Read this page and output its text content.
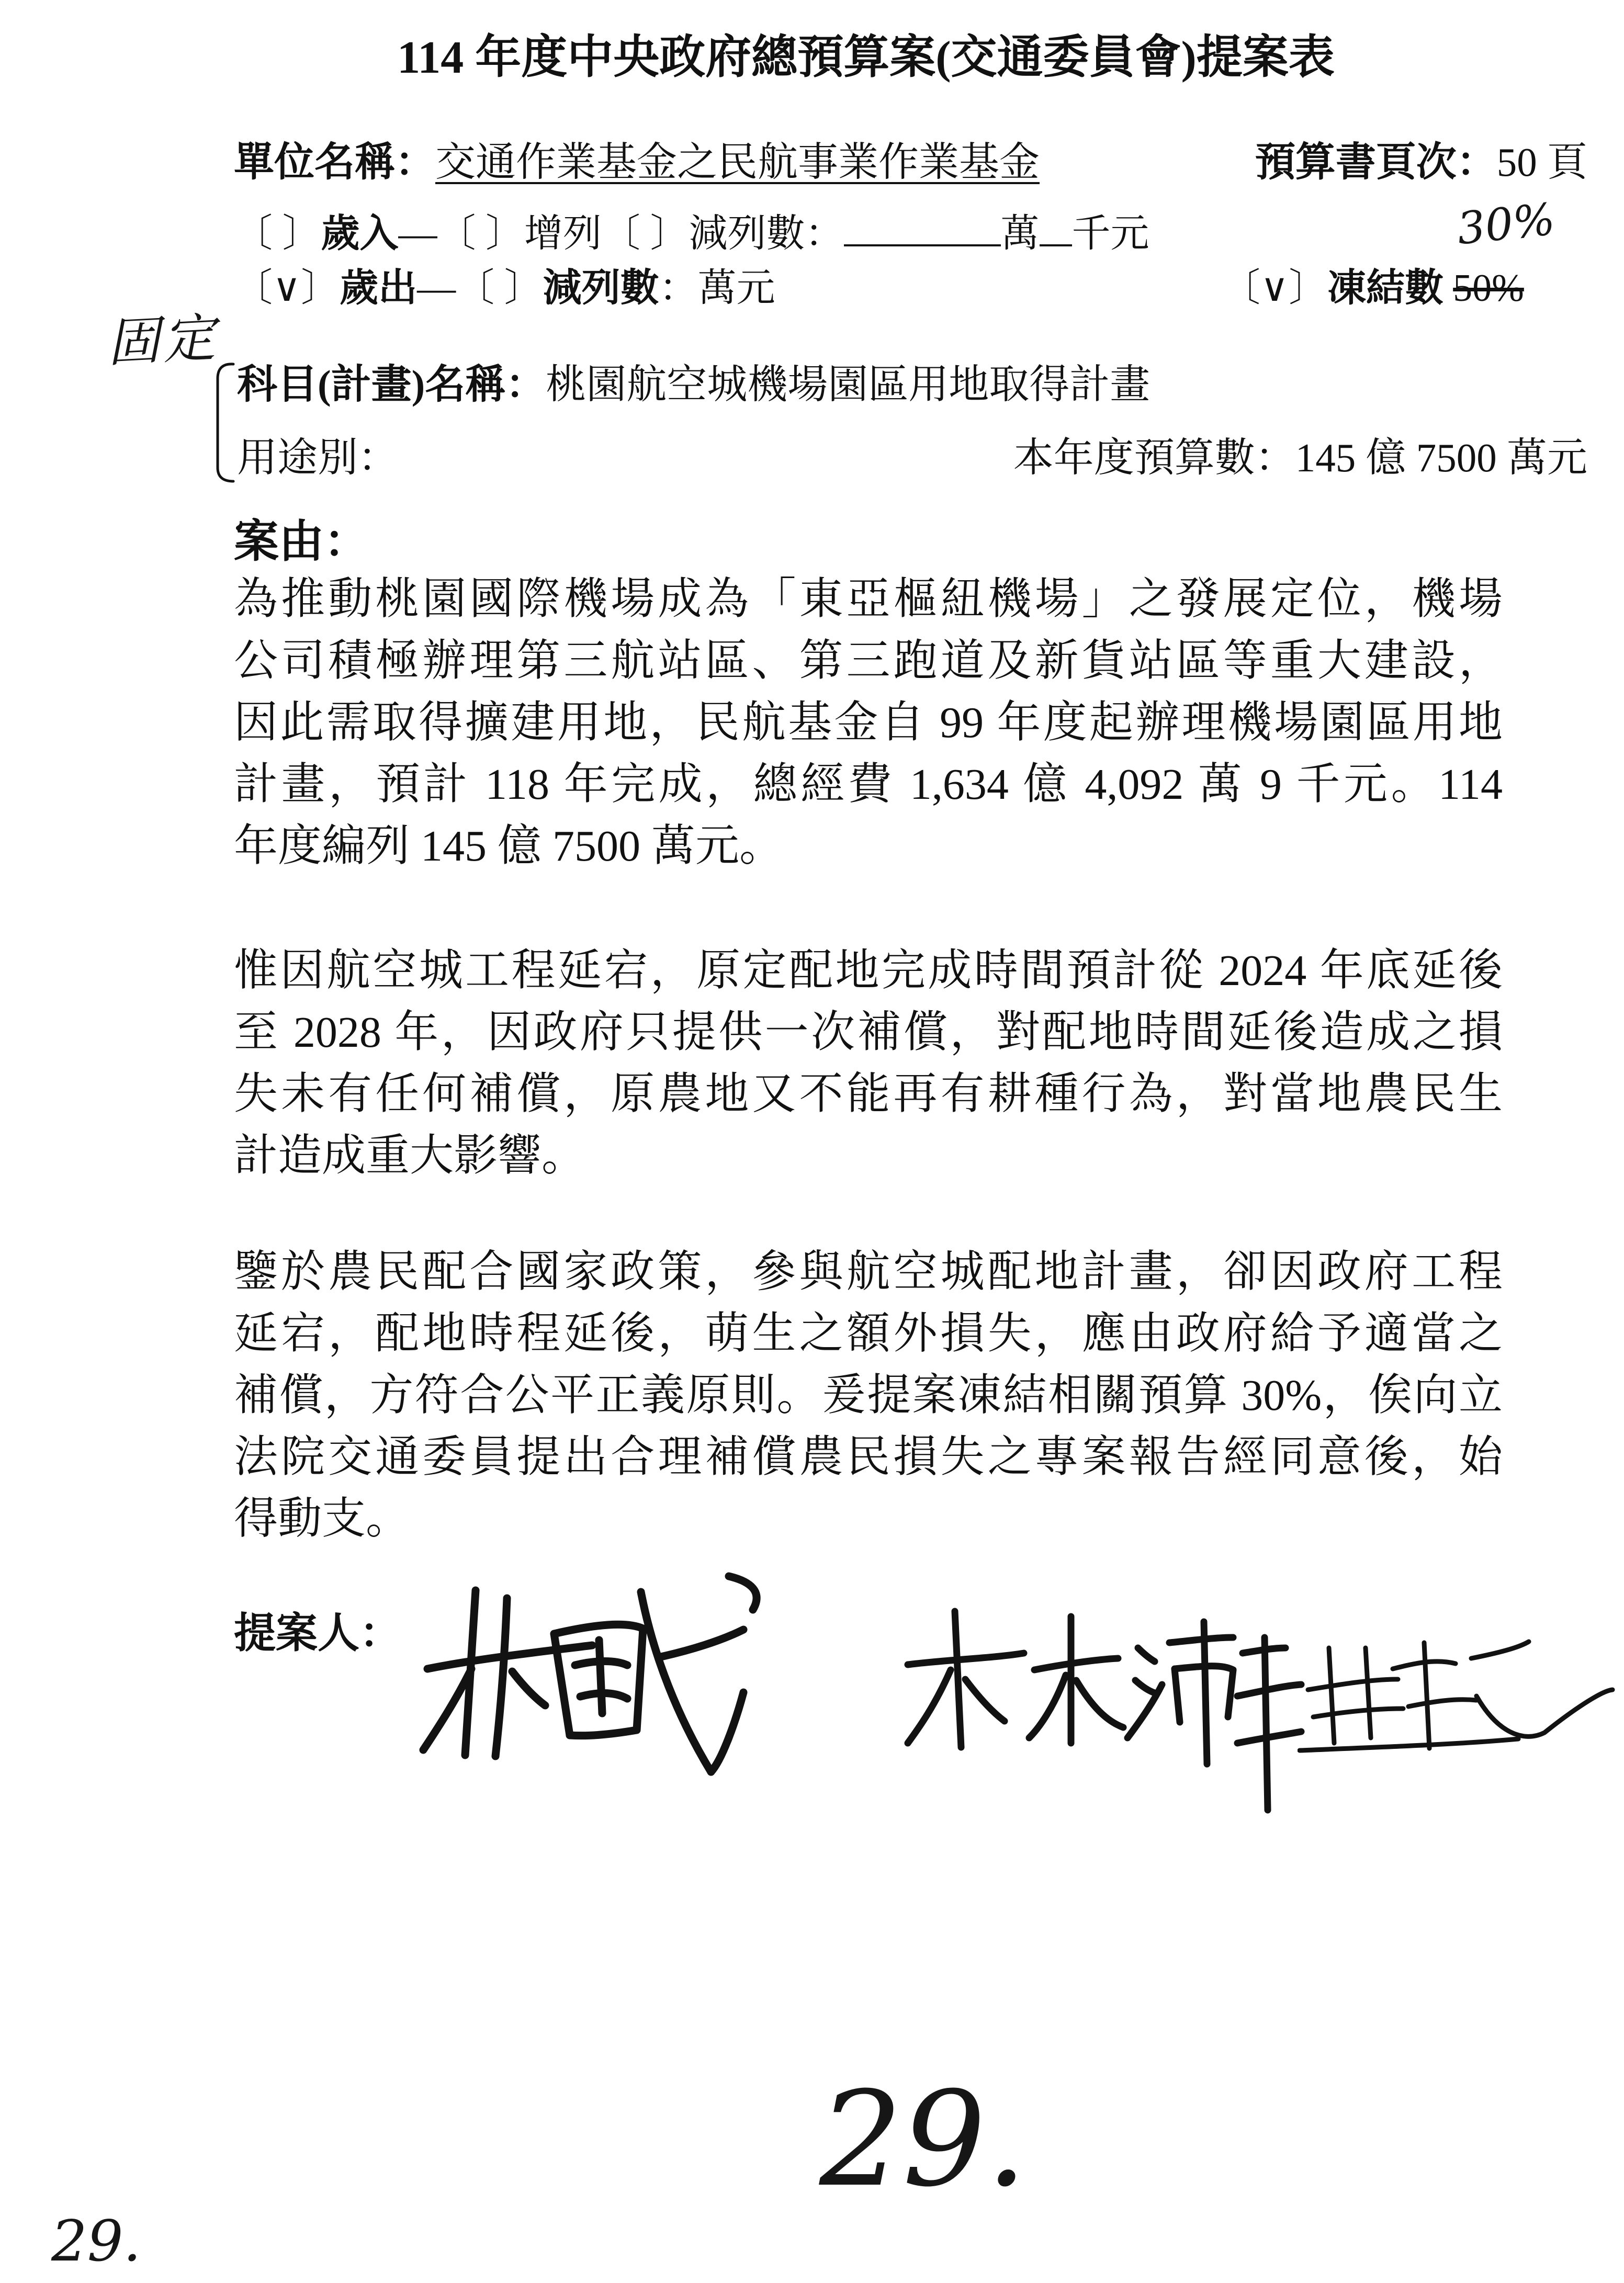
114 年度中央政府總預算案(交通委員會)提案表
單位名稱： 交通作業基金之民航事業作業基金	預算書頁次： 50 頁
〔 〕 歲入 —〔 〕增列〔 〕減列數：	萬 千元
〔∨〕 歲出 —〔 〕 減列數 ：萬元	〔∨〕 凍結數 50%
30%
固定
科目(計畫)名稱： 桃園航空城機場園區用地取得計畫
用途別：	本年度預算數： 145 億 7500 萬元
案由：
為推動桃園國際機場成為「東亞樞紐機場」之發展定位，機場
公司積極辦理第三航站區、第三跑道及新貨站區等重大建設，
因此需取得擴建用地，民航基金自 99 年度起辦理機場園區用地
計畫，預計 118 年完成，總經費 1,634 億 4,092 萬 9 千元。114
年度編列 145 億 7500 萬元。
惟因航空城工程延宕，原定配地完成時間預計從 2024 年底延後
至 2028 年，因政府只提供一次補償，對配地時間延後造成之損
失未有任何補償，原農地又不能再有耕種行為，對當地農民生
計造成重大影響。
鑒於農民配合國家政策，參與航空城配地計畫，卻因政府工程
延宕，配地時程延後，萌生之額外損失，應由政府給予適當之
補償，方符合公平正義原則。爰提案凍結相關預算 30%，俟向立
法院交通委員提出合理補償農民損失之專案報告經同意後，始
得動支。
提案人：
29.
29.
